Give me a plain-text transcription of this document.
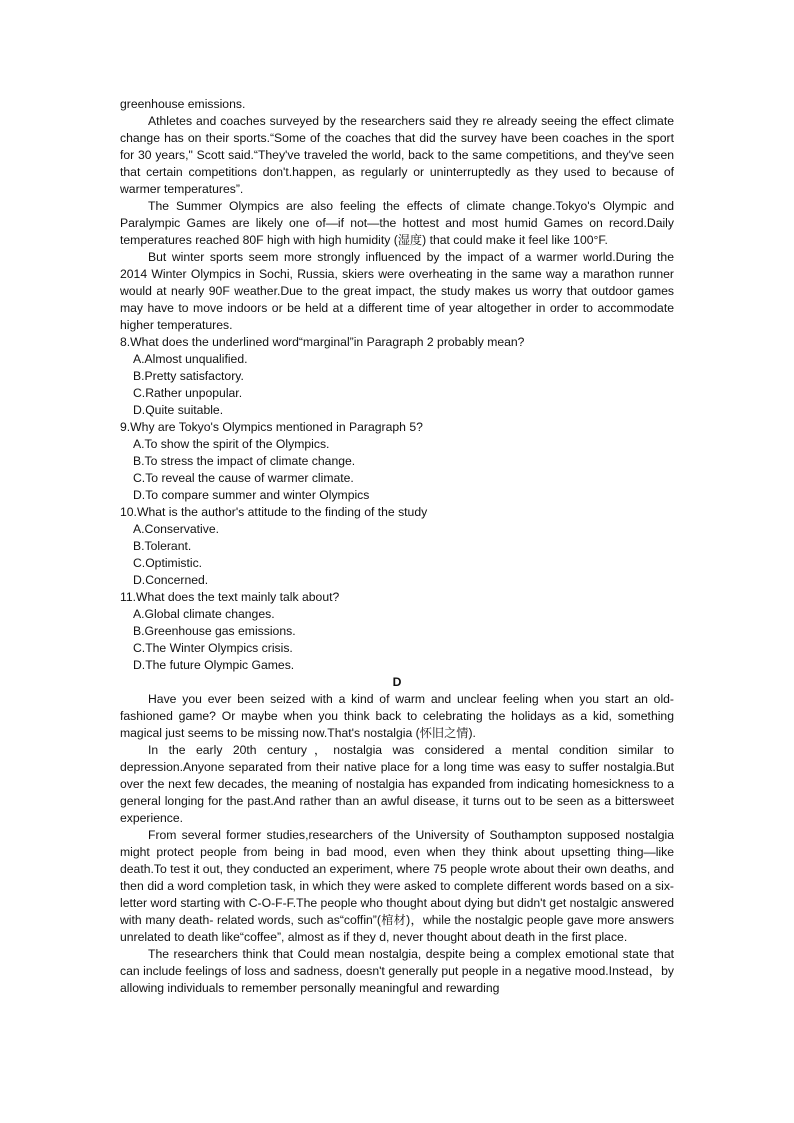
greenhouse emissions.

Athletes and coaches surveyed by the researchers said they re already seeing the effect climate change has on their sports.“Some of the coaches that did the survey have been coaches in the sport for 30 years," Scott said.“They've traveled the world, back to the same competitions, and they've seen that certain competitions don't.happen, as regularly or uninterruptedly as they used to because of warmer temperatures”.

The Summer Olympics are also feeling the effects of climate change.Tokyo's Olympic and Paralympic Games are likely one of—if not—the hottest and most humid Games on record.Daily temperatures reached 80F high with high humidity (湿度) that could make it feel like 100°F.

But winter sports seem more strongly influenced by the impact of a warmer world.During the 2014 Winter Olympics in Sochi, Russia, skiers were overheating in the same way a marathon runner would at nearly 90F weather.Due to the great impact, the study makes us worry that outdoor games may have to move indoors or be held at a different time of year altogether in order to accommodate higher temperatures.

8.What does the underlined word“marginal”in Paragraph 2 probably mean?

A.Almost unqualified.

B.Pretty satisfactory.

C.Rather unpopular.

D.Quite suitable.

9.Why are Tokyo's Olympics mentioned in Paragraph 5?

A.To show the spirit of the Olympics.

B.To stress the impact of climate change.

C.To reveal the cause of warmer climate.

D.To compare summer and winter Olympics

10.What is the author's attitude to the finding of the study

A.Conservative.

B.Tolerant.

C.Optimistic.

D.Concerned.

11.What does the text mainly talk about?

A.Global climate changes.

B.Greenhouse gas emissions.

C.The Winter Olympics crisis.

D.The future Olympic Games.

D

Have you ever been seized with a kind of warm and unclear feeling when you start an old-fashioned game? Or maybe when you think back to celebrating the holidays as a kid, something magical just seems to be missing now.That's nostalgia (怀旧之情).

In the early 20th century，nostalgia was considered a mental condition similar to depression.Anyone separated from their native place for a long time was easy to suffer nostalgia.But over the next few decades, the meaning of nostalgia has expanded from indicating homesickness to a general longing for the past.And rather than an awful disease, it turns out to be seen as a bittersweet experience.

From several former studies,researchers of the University of Southampton supposed nostalgia might protect people from being in bad mood, even when they think about upsetting thing—like death.To test it out, they conducted an experiment, where 75 people wrote about their own deaths, and then did a word completion task, in which they were asked to complete different words based on a six-letter word starting with C-O-F-F.The people who thought about dying but didn't get nostalgic answered with many death- related words, such as“coffin”(棺材)，while the nostalgic people gave more answers unrelated to death like“coffee”, almost as if they d, never thought about death in the first place.

The researchers think that Could mean nostalgia, despite being a complex emotional state that can include feelings of loss and sadness, doesn't generally put people in a negative mood.Instead，by allowing individuals to remember personally meaningful and rewarding
